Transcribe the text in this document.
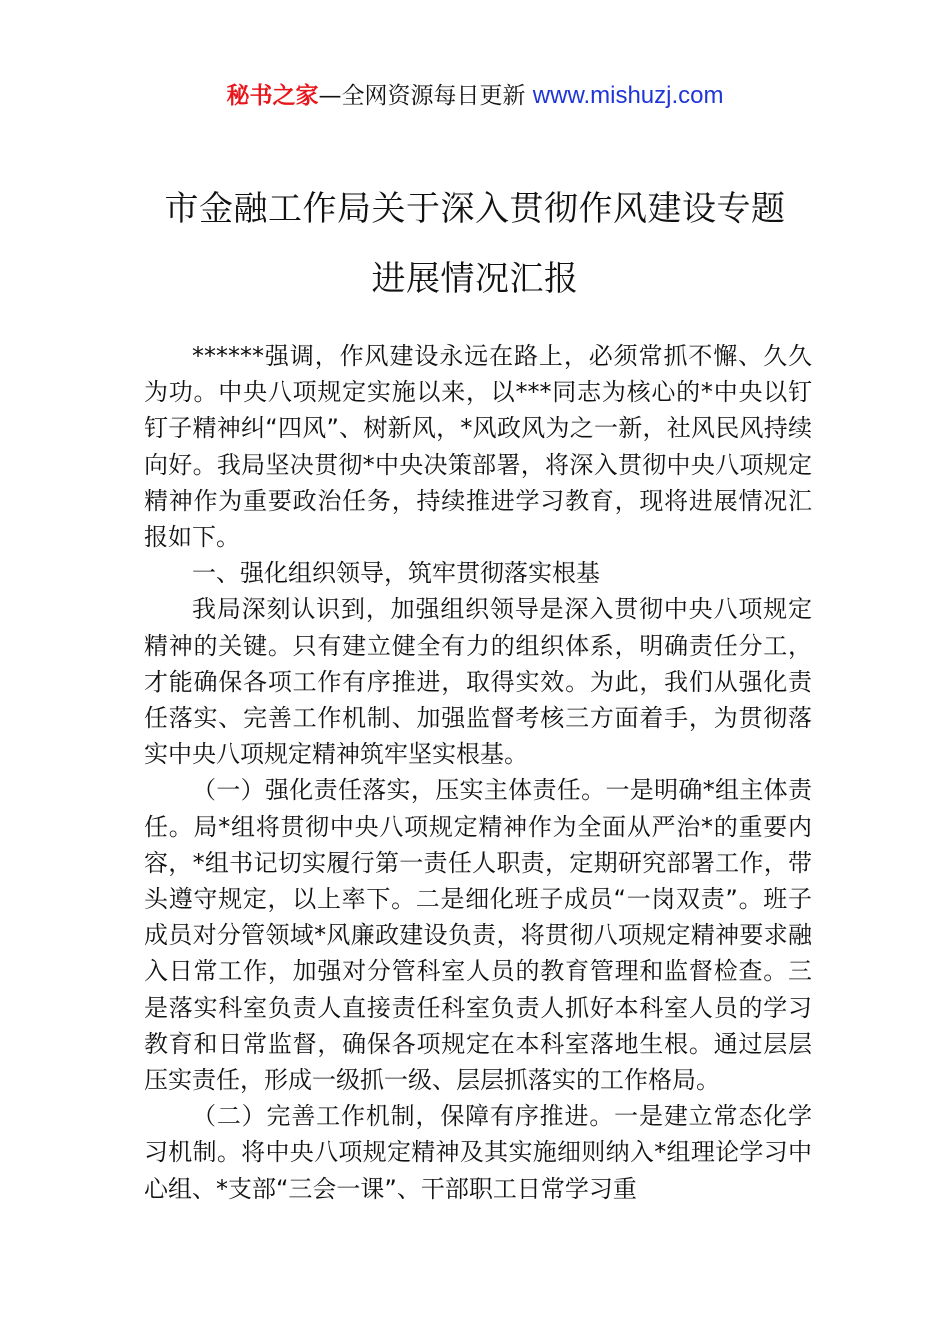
秘书之家—全网资源每日更新 www.mishuzj.com
市金融工作局关于深入贯彻作风建设专题
进展情况汇报

******强调，作风建设永远在路上，必须常抓不懈、久久为功。中央八项规定实施以来，以***同志为核心的*中央以钉钉子精神纠“四风”、树新风，*风政风为之一新，社风民风持续向好。我局坚决贯彻*中央决策部署，将深入贯彻中央八项规定精神作为重要政治任务，持续推进学习教育，现将进展情况汇报如下。

一、强化组织领导，筑牢贯彻落实根基

我局深刻认识到，加强组织领导是深入贯彻中央八项规定精神的关键。只有建立健全有力的组织体系，明确责任分工，才能确保各项工作有序推进，取得实效。为此，我们从强化责任落实、完善工作机制、加强监督考核三方面着手，为贯彻落实中央八项规定精神筑牢坚实根基。

（一）强化责任落实，压实主体责任。一是明确*组主体责任。局*组将贯彻中央八项规定精神作为全面从严治*的重要内容，*组书记切实履行第一责任人职责，定期研究部署工作，带头遵守规定，以上率下。二是细化班子成员“一岗双责”。班子成员对分管领域*风廉政建设负责，将贯彻八项规定精神要求融入日常工作，加强对分管科室人员的教育管理和监督检查。三是落实科室负责人直接责任科室负责人抓好本科室人员的学习教育和日常监督，确保各项规定在本科室落地生根。通过层层压实责任，形成一级抓一级、层层抓落实的工作格局。

（二）完善工作机制，保障有序推进。一是建立常态化学习机制。将中央八项规定精神及其实施细则纳入*组理论学习中心组、*支部“三会一课”、干部职工日常学习重
